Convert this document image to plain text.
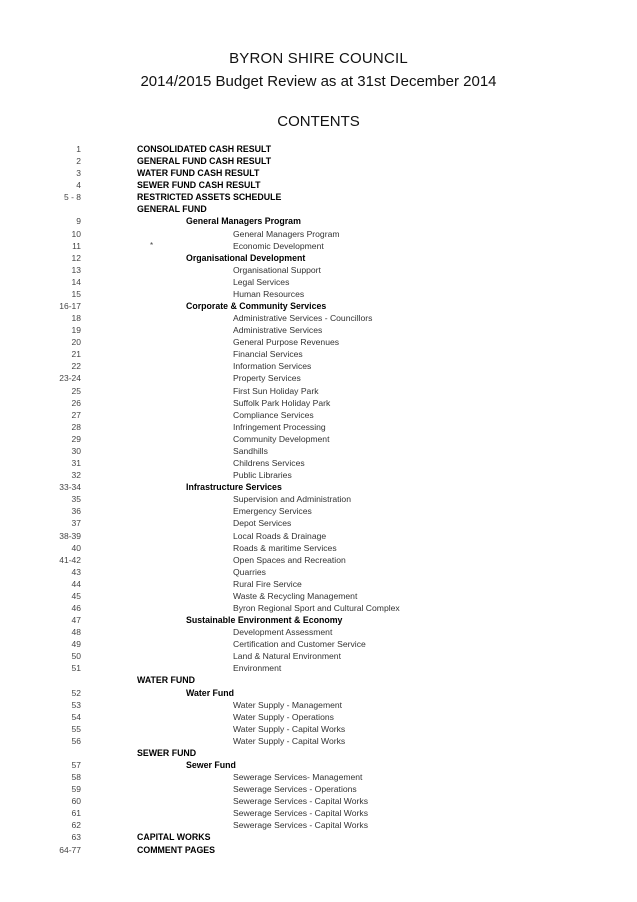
BYRON SHIRE COUNCIL
2014/2015 Budget Review as at 31st December 2014
CONTENTS
1	CONSOLIDATED CASH RESULT
2	GENERAL FUND CASH RESULT
3	WATER FUND CASH RESULT
4	SEWER FUND CASH RESULT
5 - 8	RESTRICTED ASSETS SCHEDULE
GENERAL FUND
9	General Managers Program
10	General Managers Program
11	*	Economic Development
12	Organisational Development
13	Organisational Support
14	Legal Services
15	Human Resources
16-17	Corporate & Community Services
18	Administrative Services - Councillors
19	Administrative Services
20	General Purpose Revenues
21	Financial Services
22	Information Services
23-24	Property Services
25	First Sun Holiday Park
26	Suffolk Park Holiday Park
27	Compliance Services
28	Infringement Processing
29	Community Development
30	Sandhills
31	Childrens Services
32	Public Libraries
33-34	Infrastructure Services
35	Supervision and Administration
36	Emergency Services
37	Depot Services
38-39	Local Roads & Drainage
40	Roads & maritime Services
41-42	Open Spaces and Recreation
43	Quarries
44	Rural Fire Service
45	Waste & Recycling Management
46	Byron Regional Sport and Cultural Complex
47	Sustainable Environment & Economy
48	Development Assessment
49	Certification and Customer Service
50	Land & Natural Environment
51	Environment
WATER FUND
52	Water Fund
53	Water Supply - Management
54	Water Supply - Operations
55	Water Supply - Capital Works
56	Water Supply - Capital Works
SEWER FUND
57	Sewer Fund
58	Sewerage Services- Management
59	Sewerage Services - Operations
60	Sewerage Services - Capital Works
61	Sewerage Services - Capital Works
62	Sewerage Services - Capital Works
63	CAPITAL WORKS
64-77	COMMENT PAGES
